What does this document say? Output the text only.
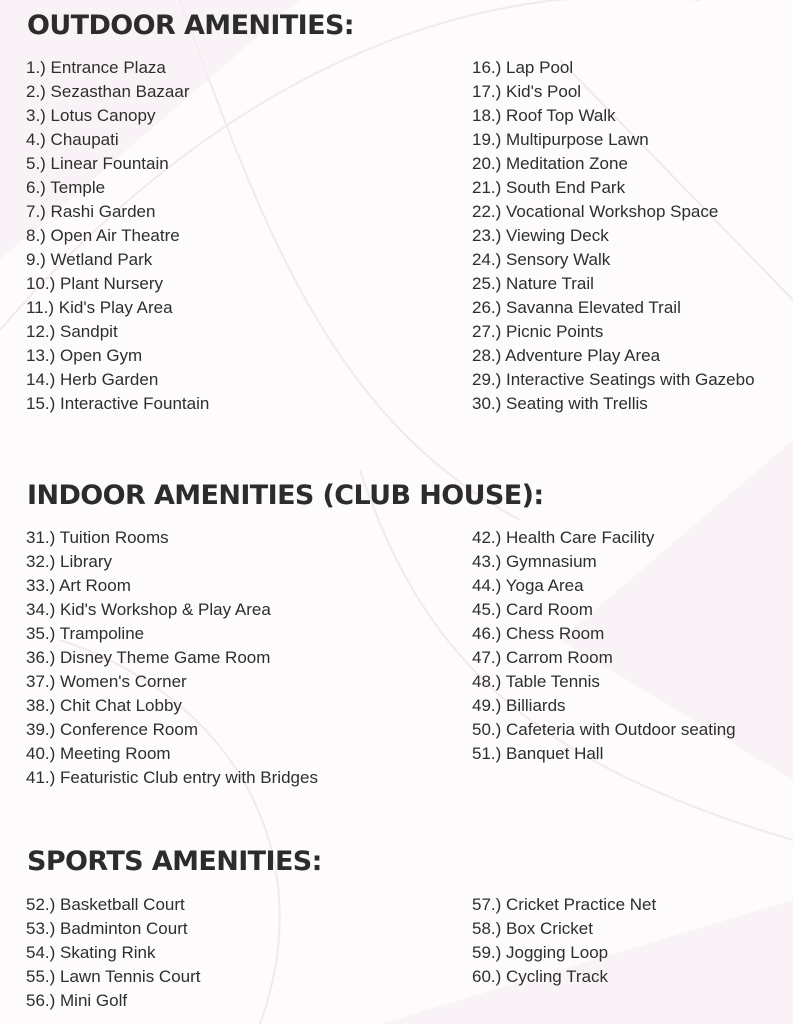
OUTDOOR AMENITIES:
1.) Entrance Plaza
2.) Sezasthan Bazaar
3.) Lotus Canopy
4.) Chaupati
5.) Linear Fountain
6.) Temple
7.) Rashi Garden
8.) Open Air Theatre
9.) Wetland Park
10.) Plant Nursery
11.) Kid's Play Area
12.) Sandpit
13.) Open Gym
14.) Herb Garden
15.) Interactive Fountain
16.) Lap Pool
17.) Kid's Pool
18.) Roof Top Walk
19.) Multipurpose Lawn
20.) Meditation Zone
21.) South End Park
22.) Vocational Workshop Space
23.) Viewing Deck
24.) Sensory Walk
25.) Nature Trail
26.) Savanna Elevated Trail
27.) Picnic Points
28.) Adventure Play Area
29.) Interactive Seatings with Gazebo
30.) Seating with Trellis
INDOOR AMENITIES (CLUB HOUSE):
31.) Tuition Rooms
32.) Library
33.) Art Room
34.) Kid's Workshop & Play Area
35.) Trampoline
36.) Disney Theme Game Room
37.) Women's Corner
38.) Chit Chat Lobby
39.) Conference Room
40.) Meeting Room
41.) Featuristic Club entry with Bridges
42.) Health Care Facility
43.) Gymnasium
44.) Yoga Area
45.) Card Room
46.) Chess Room
47.) Carrom Room
48.) Table Tennis
49.) Billiards
50.) Cafeteria with Outdoor seating
51.) Banquet Hall
SPORTS AMENITIES:
52.) Basketball Court
53.) Badminton Court
54.) Skating Rink
55.) Lawn Tennis Court
56.) Mini Golf
57.) Cricket Practice Net
58.) Box Cricket
59.) Jogging Loop
60.) Cycling Track
